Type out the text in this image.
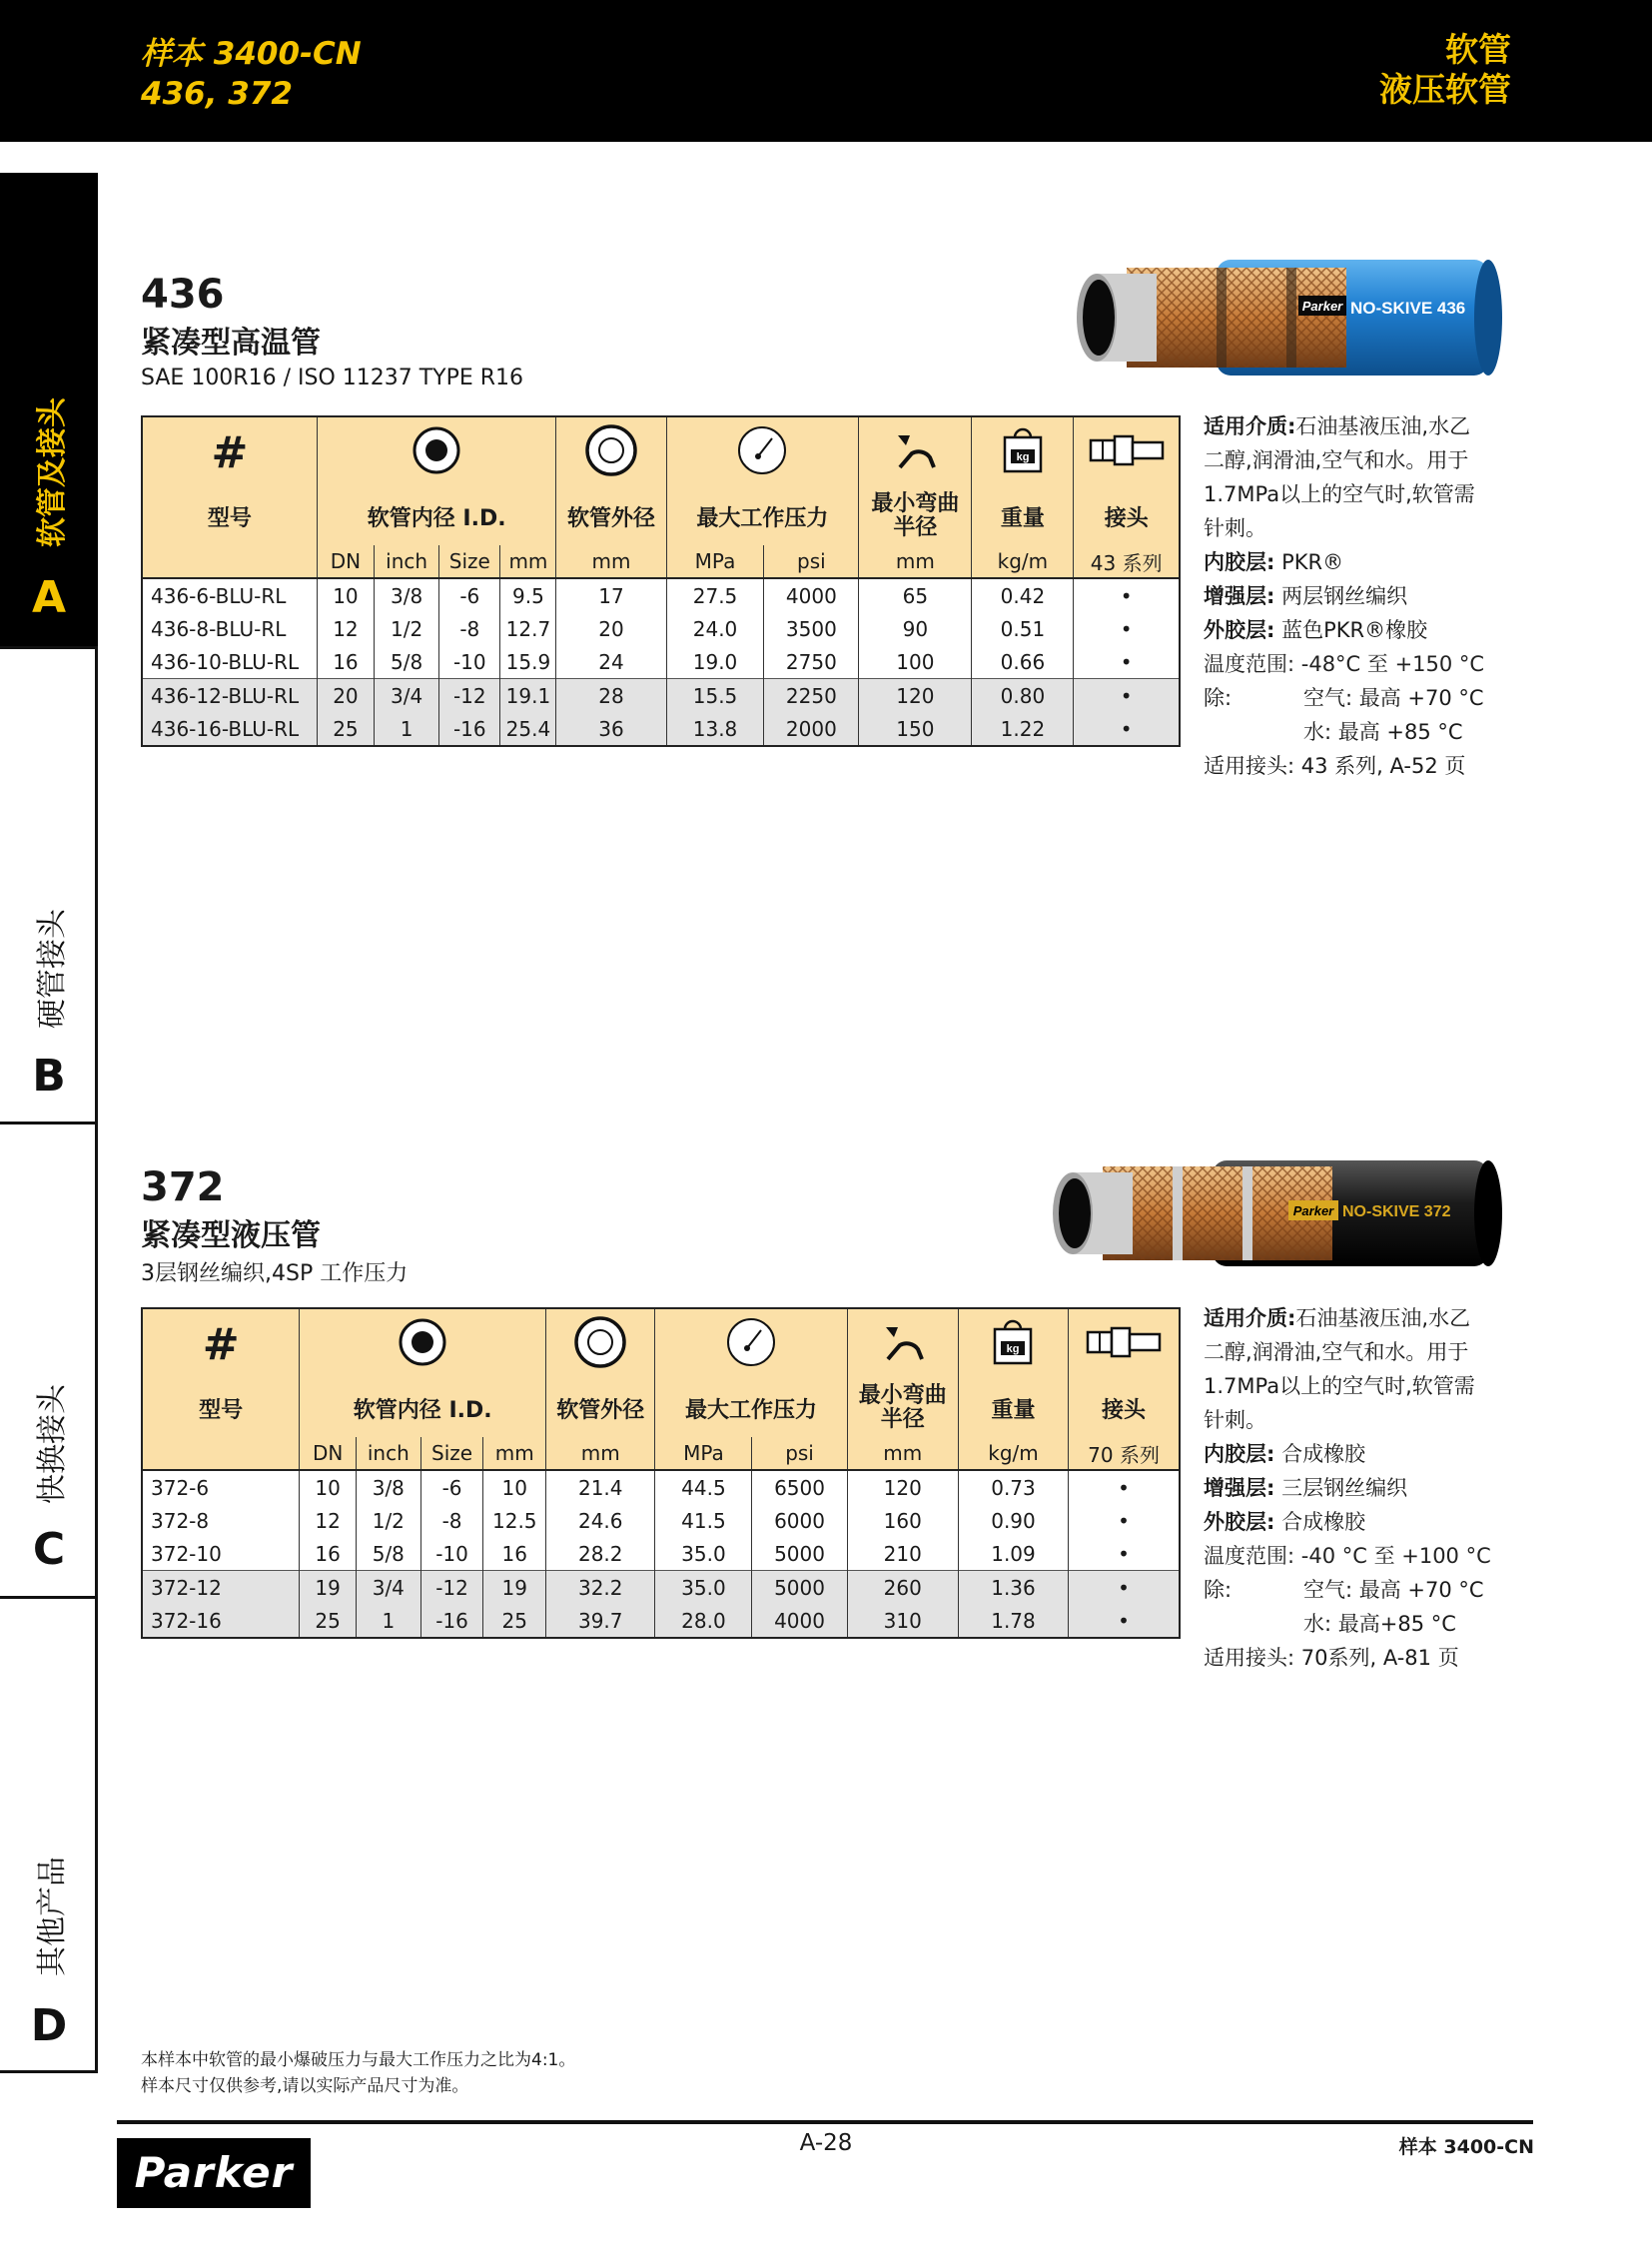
样本 3400-CN
436, 372
软管
液压软管
软管及接头
A
硬管接头
B
快换接头
C
其他产品
D
436
紧凑型高温管
SAE 100R16 / ISO 11237 TYPE R16
Parker NO-SKIVE 436
#									kg

型号	软管内径 I.D.				软管外径	最大工作压力		最小弯曲半径	重量	接头
	DN	inch	Size	mm	mm	MPa	psi	mm	kg/m	43 系列
436-6-BLU-RL	10	3/8	-6	9.5	17	27.5	4000	65	0.42	•
436-8-BLU-RL	12	1/2	-8	12.7	20	24.0	3500	90	0.51	•
436-10-BLU-RL	16	5/8	-10	15.9	24	19.0	2750	100	0.66	•
436-12-BLU-RL	20	3/4	-12	19.1	28	15.5	2250	120	0.80	•
436-16-BLU-RL	25	1	-16	25.4	36	13.8	2000	150	1.22	•
适用介质:石油基液压油,水乙
二醇,润滑油,空气和水。用于
1.7MPa以上的空气时,软管需
针刺。
内胶层: PKR®
增强层: 两层钢丝编织
外胶层: 蓝色PKR®橡胶
温度范围: -48°C 至 +150 °C
除:	空气: 最高 +70 °C
水: 最高 +85 °C
适用接头: 43 系列, A-52 页
372
紧凑型液压管
3层钢丝编织,4SP 工作压力
Parker NO-SKIVE 372
#									kg

型号	软管内径 I.D.				软管外径	最大工作压力		最小弯曲半径	重量	接头
	DN	inch	Size	mm	mm	MPa	psi	mm	kg/m	70 系列
372-6	10	3/8	-6	10	21.4	44.5	6500	120	0.73	•
372-8	12	1/2	-8	12.5	24.6	41.5	6000	160	0.90	•
372-10	16	5/8	-10	16	28.2	35.0	5000	210	1.09	•
372-12	19	3/4	-12	19	32.2	35.0	5000	260	1.36	•
372-16	25	1	-16	25	39.7	28.0	4000	310	1.78	•
适用介质:石油基液压油,水乙
二醇,润滑油,空气和水。用于
1.7MPa以上的空气时,软管需
针刺。
内胶层: 合成橡胶
增强层: 三层钢丝编织
外胶层: 合成橡胶
温度范围: -40 °C 至 +100 °C
除:	空气: 最高 +70 °C
水: 最高+85 °C
适用接头: 70系列, A-81 页
本样本中软管的最小爆破压力与最大工作压力之比为4:1。
样本尺寸仅供参考,请以实际产品尺寸为准。
A-28	样本 3400-CN
Parker
